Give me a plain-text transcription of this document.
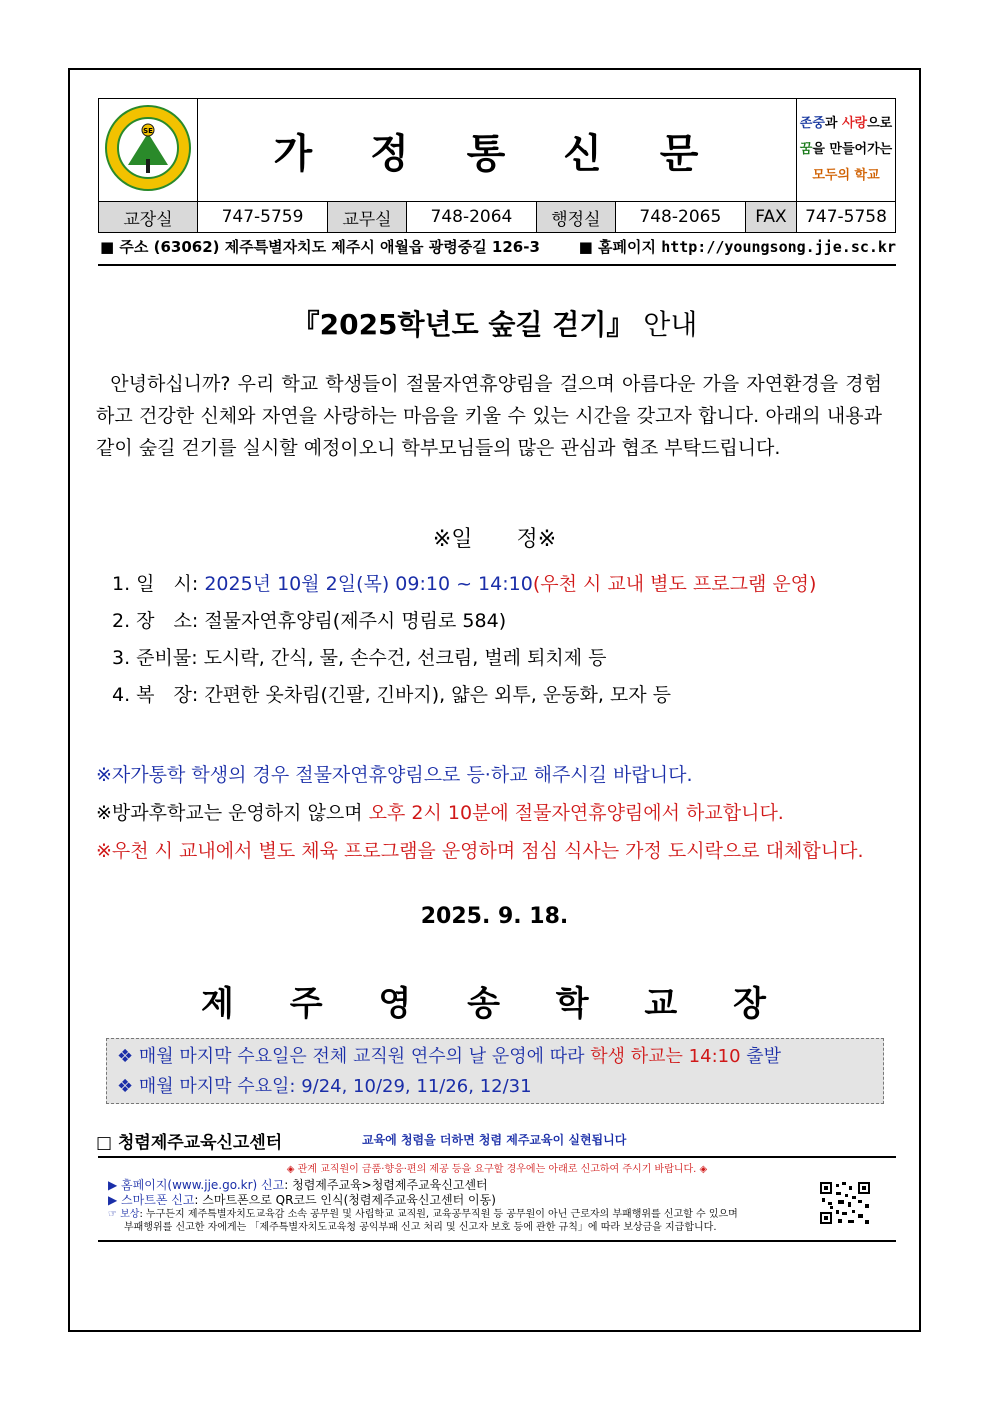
SE	가 정 통 신 문						존중과 사랑으로
꿈을 만들어가는
모두의 학교

교장실	747-5759	교무실	748-2064	행정실	748-2065	FAX	747-5758
■ 주소 (63062) 제주특별자치도 제주시 애월읍 광령중길 126-3	■ 홈페이지 http://youngsong.jje.sc.kr
『2025학년도 숲길 걷기』 안내
안녕하십니까? 우리 학교 학생들이 절물자연휴양림을 걸으며 아름다운 가을 자연환경을 경험하고 건강한 신체와 자연을 사랑하는 마음을 키울 수 있는 시간을 갖고자 합니다. 아래의 내용과 같이 숲길 걷기를 실시할 예정이오니 학부모님들의 많은 관심과 협조 부탁드립니다.
※일　　정※
1. 일　시: 2025년 10월 2일(목) 09:10 ~ 14:10(우천 시 교내 별도 프로그램 운영)
2. 장　소: 절물자연휴양림(제주시 명림로 584)
3. 준비물: 도시락, 간식, 물, 손수건, 선크림, 벌레 퇴치제 등
4. 복　장: 간편한 옷차림(긴팔, 긴바지), 얇은 외투, 운동화, 모자 등
※자가통학 학생의 경우 절물자연휴양림으로 등·하교 해주시길 바랍니다.
※방과후학교는 운영하지 않으며 오후 2시 10분에 절물자연휴양림에서 하교합니다.
※우천 시 교내에서 별도 체육 프로그램을 운영하며 점심 식사는 가정 도시락으로 대체합니다.
2025. 9. 18.
제 주 영 송 학 교 장
❖ 매월 마지막 수요일은 전체 교직원 연수의 날 운영에 따라 학생 하교는 14:10 출발
❖ 매월 마지막 수요일: 9/24, 10/29, 11/26, 12/31
□ 청렴제주교육신고센터	교육에 청렴을 더하면 청렴 제주교육이 실현됩니다
◈ 관계 교직원이 금품·향응·편의 제공 등을 요구할 경우에는 아래로 신고하여 주시기 바랍니다. ◈
▶ 홈페이지(www.jje.go.kr) 신고: 청렴제주교육>청렴제주교육신고센터
▶ 스마트폰 신고: 스마트폰으로 QR코드 인식(청렴제주교육신고센터 이동)
☞ 보상: 누구든지 제주특별자치도교육감 소속 공무원 및 사립학교 교직원, 교육공무직원 등 공무원이 아닌 근로자의 부패행위를 신고할 수 있으며
부패행위를 신고한 자에게는 「제주특별자치도교육청 공익부패 신고 처리 및 신고자 보호 등에 관한 규칙」에 따라 보상금을 지급합니다.
